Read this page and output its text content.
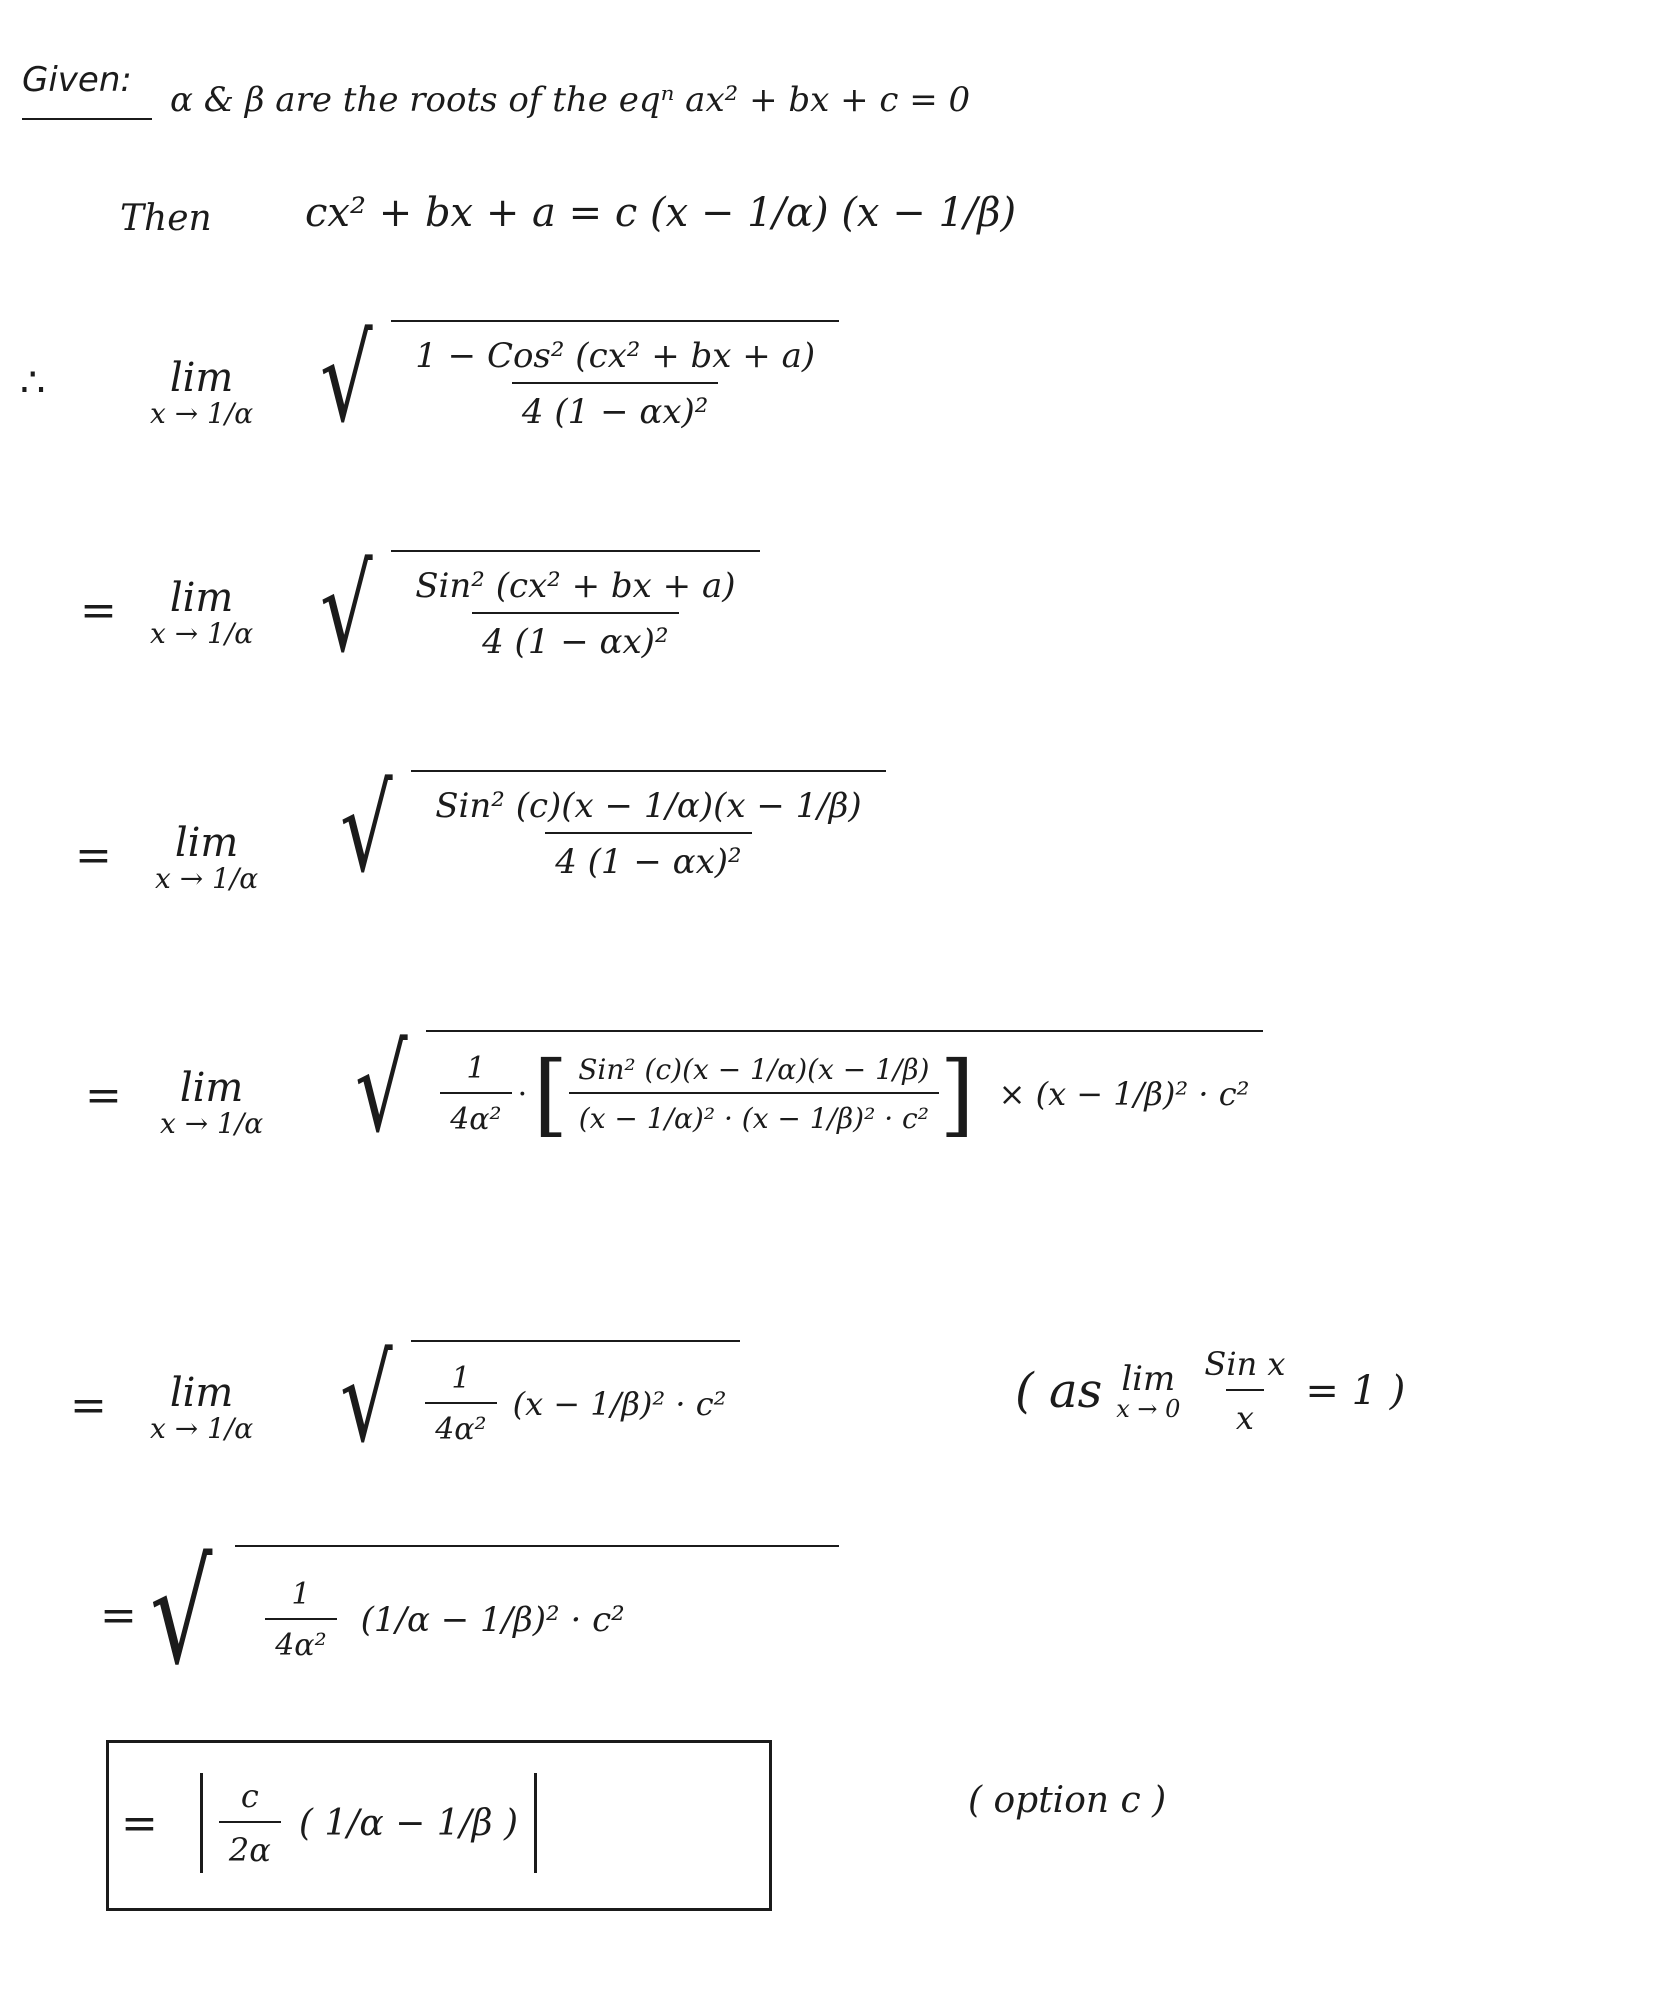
Given: α & β are the roots of the eqⁿ ax² + bx + c = 0
Then cx² + bx + a = c (x − 1/α) (x − 1/β)
∴	lim
x → 1/α √ $\frac{\text{1 − Cos² (cx² + bx + a)}}{\text{4 (1 − αx)²}}$
=	lim
x → 1/α √ $\frac{\text{Sin² (cx² + bx + a)}}{\text{4 (1 − αx)²}}$
=	lim
x → 1/α √ $\frac{\text{Sin² (c)(x − 1/α)(x − 1/β)}}{\text{4 (1 − αx)²}}$
=	lim
x → 1/α √ $\frac{1}{\text{4α²}}$ · [ $\frac{\text{Sin² (c)(x − 1/α)(x − 1/β)}}{\text{(x − 1/α)² · (x − 1/β)² · c²}}$ ] × (x − 1/β)² · c²
=	lim
x → 1/α √ $\frac{1}{\text{4α²}} (x - 1/\beta)^2 \cdot c^2$	( as lim
$x \to 0 \frac{\text{Sin x}}{x} = 1$ )
= √ $\frac{1}{\text{4α²}} (1/\alpha - 1/\beta)^2 \cdot c^2$
= $\frac{c}{2\alpha}$ ( 1/α − 1/β )
( option c )
